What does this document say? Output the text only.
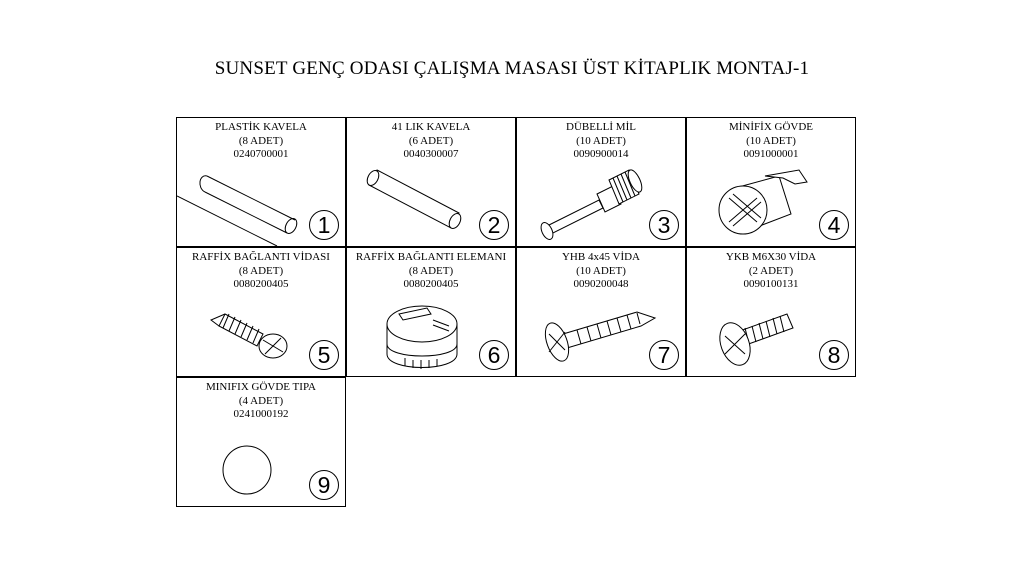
SUNSET GENÇ ODASI ÇALIŞMA MASASI ÜST KİTAPLIK MONTAJ-1
PLASTİK KAVELA
(8 ADET)
0240700001
1
41 LIK KAVELA
(6 ADET)
0040300007
2
DÜBELLİ MİL
(10 ADET)
0090900014
3
MİNİFİX GÖVDE
(10 ADET)
0091000001
4
RAFFİX BAĞLANTI VİDASI
(8 ADET)
0080200405
5
RAFFİX BAĞLANTI ELEMANI
(8 ADET)
0080200405
6
YHB 4x45 VİDA
(10 ADET)
0090200048
7
YKB M6X30 VİDA
(2 ADET)
0090100131
8
MINIFIX GÖVDE TIPA
(4 ADET)
0241000192
9
